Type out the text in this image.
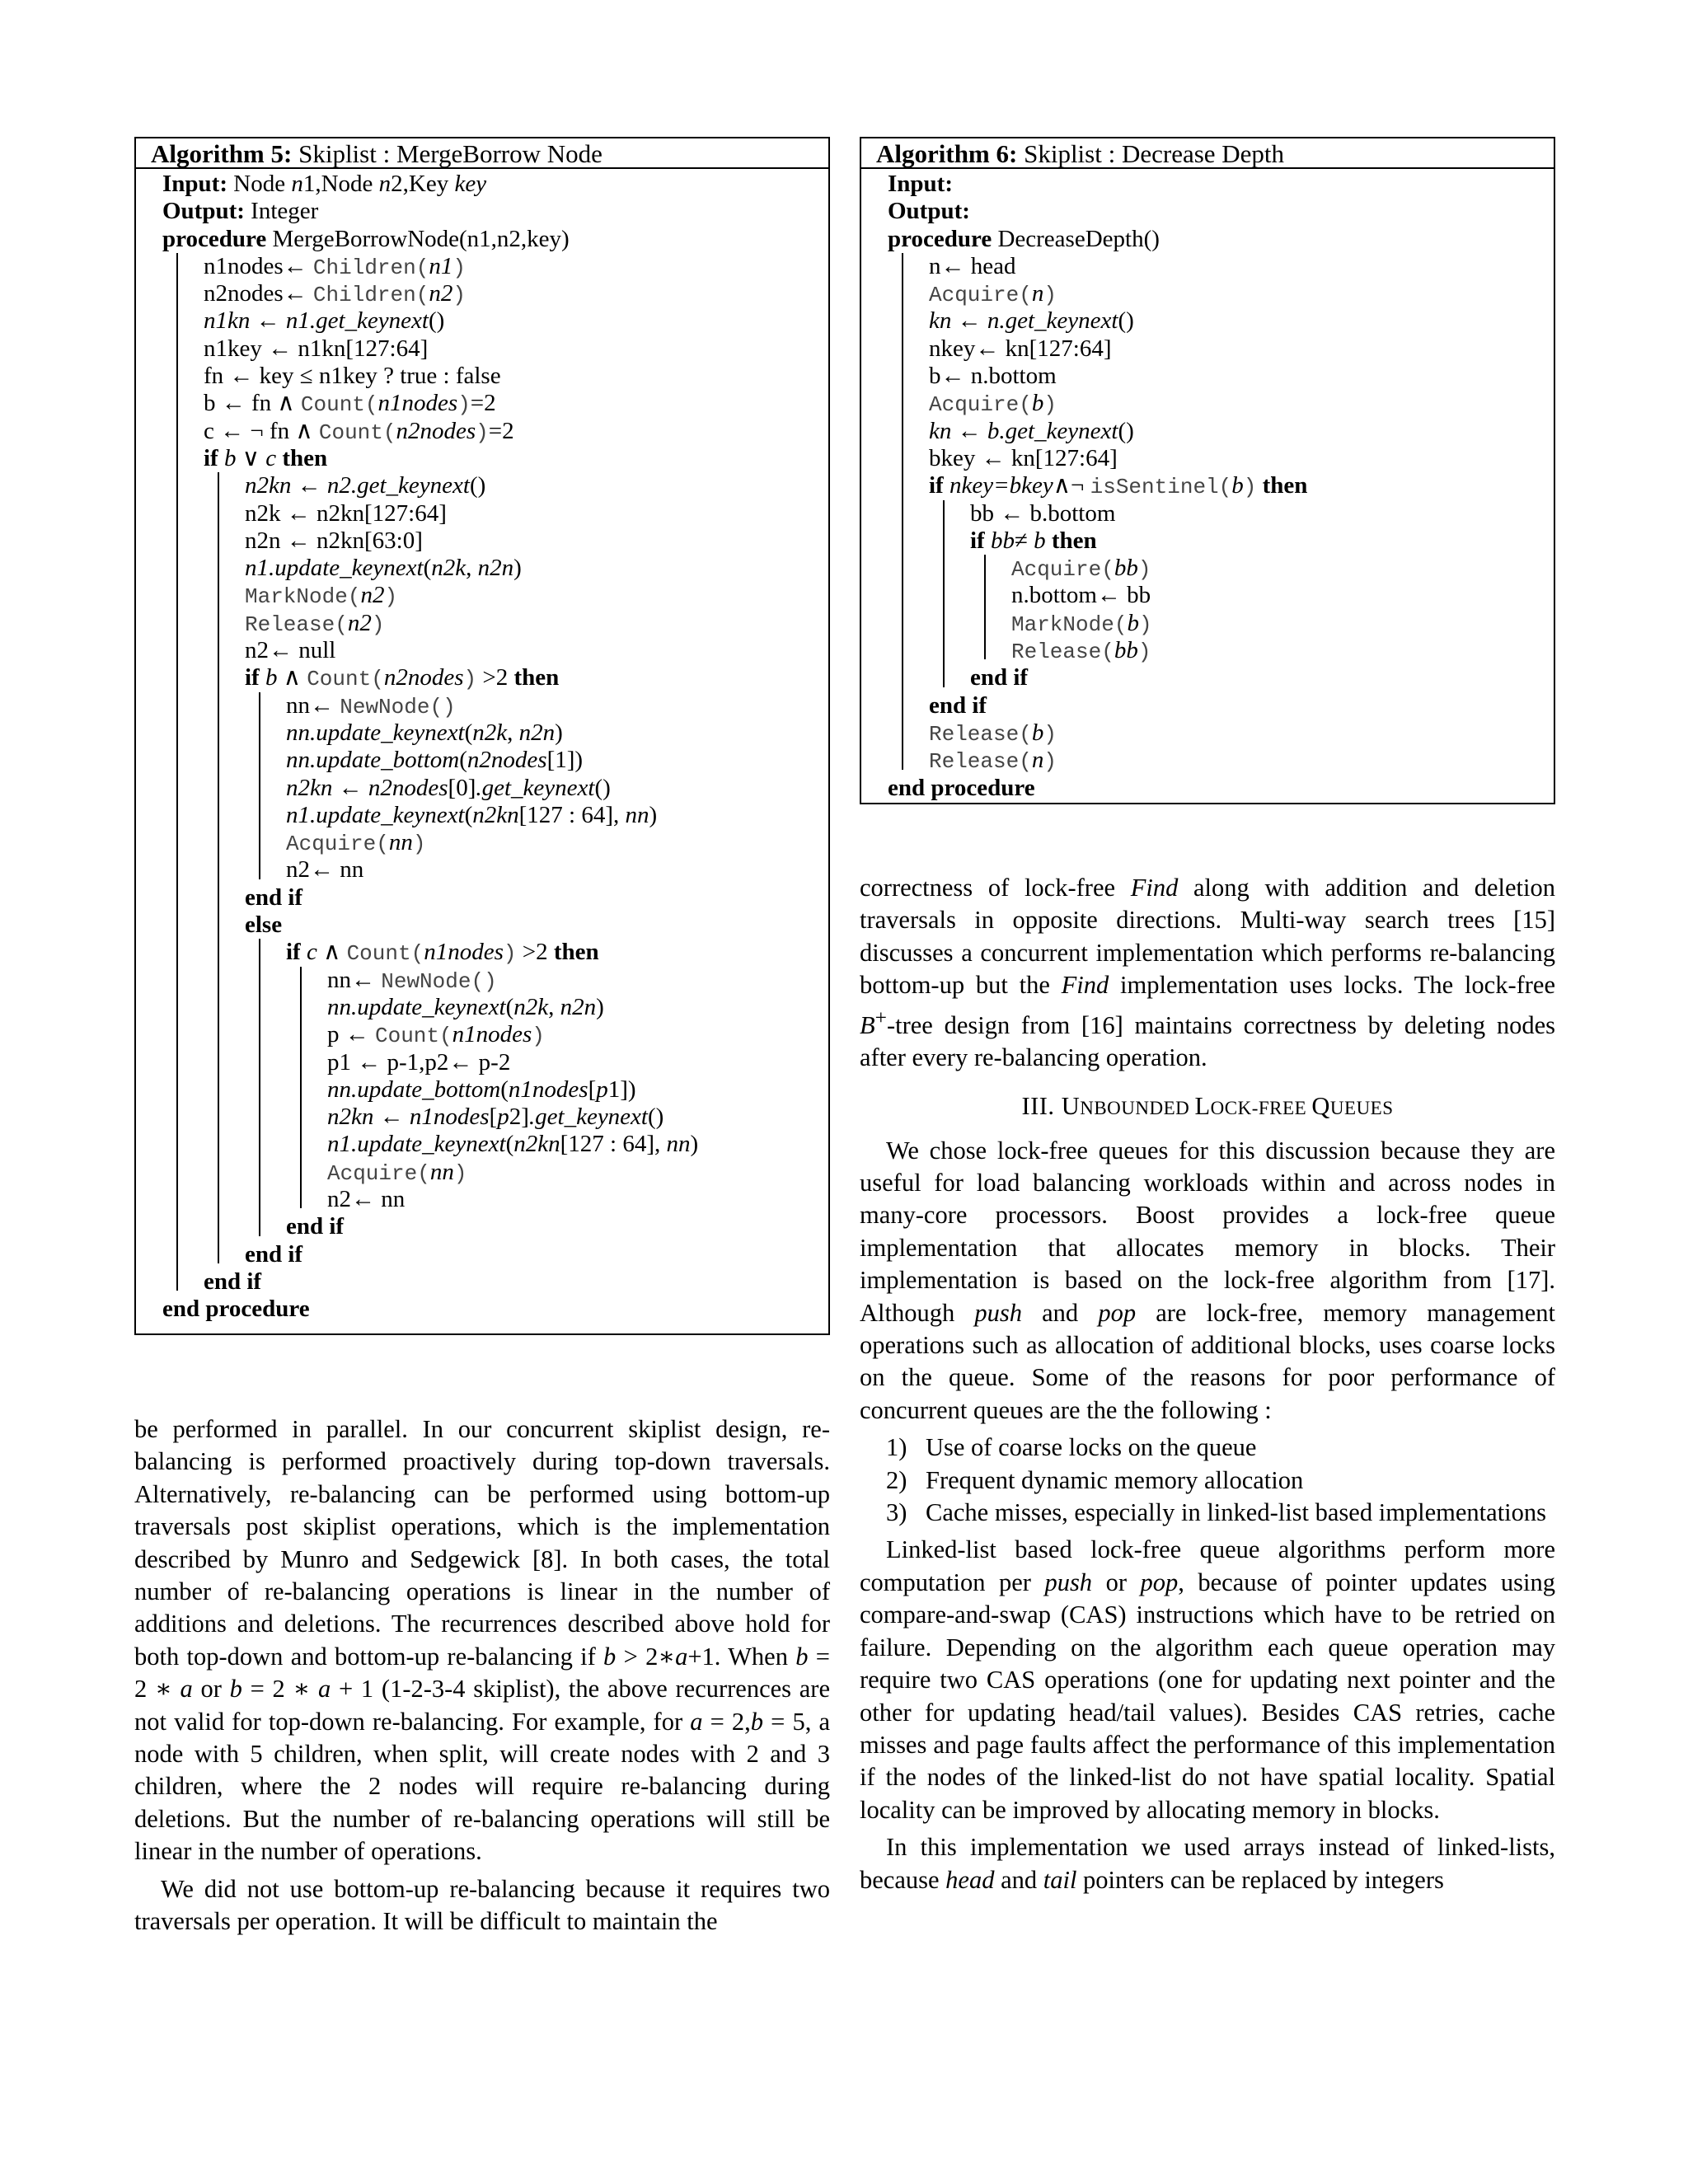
Algorithm 5: Skiplist : MergeBorrow Node
Input: Node n1,Node n2,Key key
Output: Integer
procedure MergeBorrowNode(n1,n2,key)
n1nodes← Children(n1)
n2nodes← Children(n2)
n1kn ← n1.get_keynext()
n1key ← n1kn[127:64]
fn ← key ≤ n1key ? true : false
b ← fn ∧ Count(n1nodes)=2
c ← ¬ fn ∧ Count(n2nodes)=2
if b ∨ c then
n2kn ← n2.get_keynext()
n2k ← n2kn[127:64]
n2n ← n2kn[63:0]
n1.update_keynext(n2k, n2n)
MarkNode(n2)
Release(n2)
n2← null
if b ∧ Count(n2nodes) >2 then
nn← NewNode()
nn.update_keynext(n2k, n2n)
nn.update_bottom(n2nodes[1])
n2kn ← n2nodes[0].get_keynext()
n1.update_keynext(n2kn[127 : 64], nn)
Acquire(nn)
n2← nn
end if
else
if c ∧ Count(n1nodes) >2 then
nn← NewNode()
nn.update_keynext(n2k, n2n)
p ← Count(n1nodes)
p1 ← p-1,p2← p-2
nn.update_bottom(n1nodes[p1])
n2kn ← n1nodes[p2].get_keynext()
n1.update_keynext(n2kn[127 : 64], nn)
Acquire(nn)
n2← nn
end if
end if
end if
end procedure
Algorithm 6: Skiplist : Decrease Depth
Input:
Output:
procedure DecreaseDepth()
n← head
Acquire(n)
kn ← n.get_keynext()
nkey← kn[127:64]
b← n.bottom
Acquire(b)
kn ← b.get_keynext()
bkey ← kn[127:64]
if nkey=bkey∧¬ isSentinel(b) then
bb ← b.bottom
if bb≠ b then
Acquire(bb)
n.bottom← bb
MarkNode(b)
Release(bb)
end if
end if
Release(b)
Release(n)
end procedure

be performed in parallel. In our concurrent skiplist design, re-balancing is performed proactively during top-down traversals. Alternatively, re-balancing can be performed using bottom-up traversals post skiplist operations, which is the implementation described by Munro and Sedgewick [8]. In both cases, the total number of re-balancing operations is linear in the number of additions and deletions. The recurrences described above hold for both top-down and bottom-up re-balancing if b > 2∗a+1. When b = 2 ∗ a or b = 2 ∗ a + 1 (1-2-3-4 skiplist), the above recurrences are not valid for top-down re-balancing. For example, for a = 2,b = 5, a node with 5 children, when split, will create nodes with 2 and 3 children, where the 2 nodes will require re-balancing during deletions. But the number of re-balancing operations will still be linear in the number of operations.

We did not use bottom-up re-balancing because it requires two traversals per operation. It will be difficult to maintain the

correctness of lock-free Find along with addition and deletion traversals in opposite directions. Multi-way search trees [15] discusses a concurrent implementation which performs re-balancing bottom-up but the Find implementation uses locks. The lock-free B+-tree design from [16] maintains correctness by deleting nodes after every re-balancing operation.

III. UNBOUNDED LOCK-FREE QUEUES

We chose lock-free queues for this discussion because they are useful for load balancing workloads within and across nodes in many-core processors. Boost provides a lock-free queue implementation that allocates memory in blocks. Their implementation is based on the lock-free algorithm from [17]. Although push and pop are lock-free, memory management operations such as allocation of additional blocks, uses coarse locks on the queue. Some of the reasons for poor performance of concurrent queues are the the following :

1) Use of coarse locks on the queue
2) Frequent dynamic memory allocation
3) Cache misses, especially in linked-list based implementations

Linked-list based lock-free queue algorithms perform more computation per push or pop, because of pointer updates using compare-and-swap (CAS) instructions which have to be retried on failure. Depending on the algorithm each queue operation may require two CAS operations (one for updating next pointer and the other for updating head/tail values). Besides CAS retries, cache misses and page faults affect the performance of this implementation if the nodes of the linked-list do not have spatial locality. Spatial locality can be improved by allocating memory in blocks.

In this implementation we used arrays instead of linked-lists, because head and tail pointers can be replaced by integers
